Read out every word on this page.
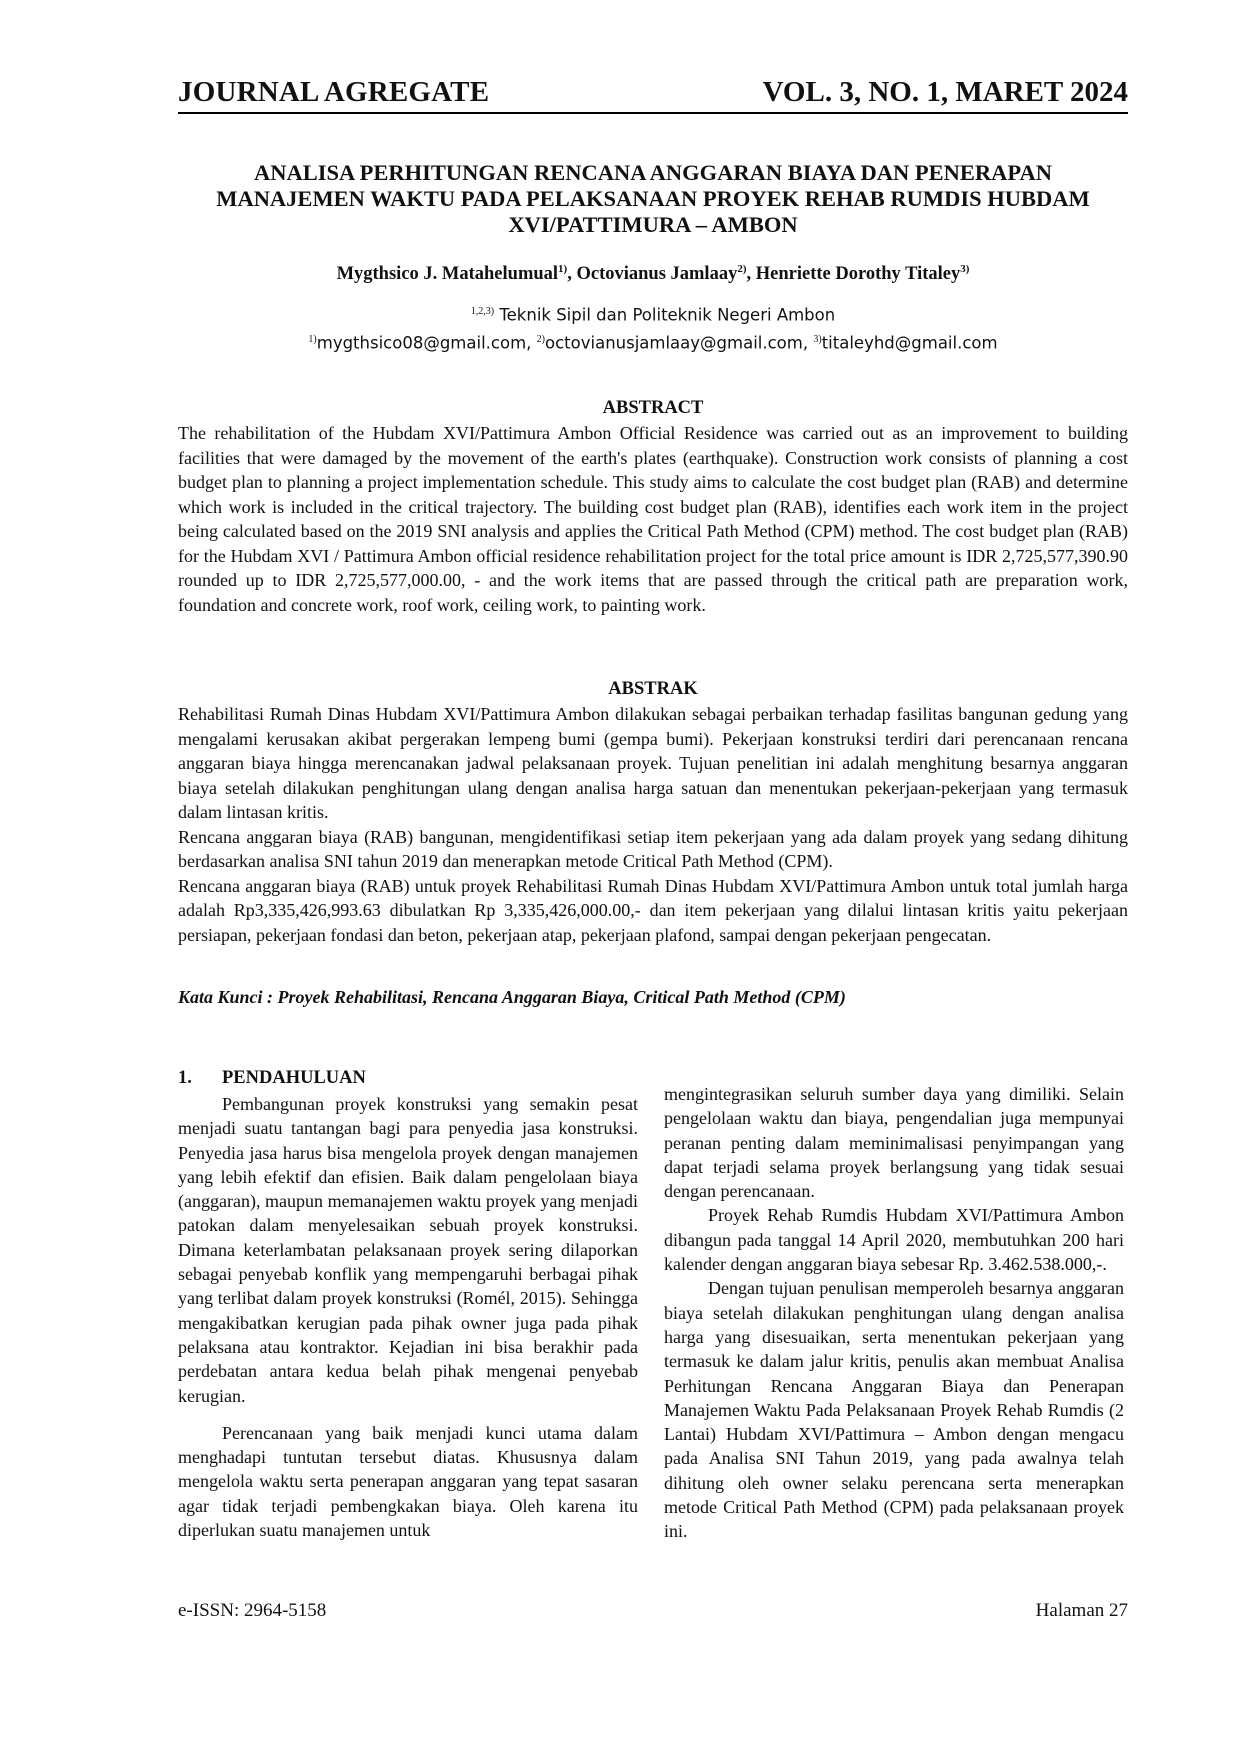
JOURNAL AGREGATE	VOL. 3, NO. 1, MARET 2024
ANALISA PERHITUNGAN RENCANA ANGGARAN BIAYA DAN PENERAPAN MANAJEMEN WAKTU PADA PELAKSANAAN PROYEK REHAB RUMDIS HUBDAM XVI/PATTIMURA – AMBON
Mygthsico J. Matahelumual$^{1)}$, Octovianus Jamlaay$^{2)}$, Henriette Dorothy Titaley$^{3)}$
$^{1,2,3)}$ Teknik Sipil dan Politeknik Negeri Ambon
$^{1)}$mygthsico08@gmail.com, $^{2)}$octovianusjamlaay@gmail.com, $^{3)}$titaleyhd@gmail.com
ABSTRACT

The rehabilitation of the Hubdam XVI/Pattimura Ambon Official Residence was carried out as an improvement to building facilities that were damaged by the movement of the earth's plates (earthquake). Construction work consists of planning a cost budget plan to planning a project implementation schedule. This study aims to calculate the cost budget plan (RAB) and determine which work is included in the critical trajectory. The building cost budget plan (RAB), identifies each work item in the project being calculated based on the 2019 SNI analysis and applies the Critical Path Method (CPM) method. The cost budget plan (RAB) for the Hubdam XVI / Pattimura Ambon official residence rehabilitation project for the total price amount is IDR 2,725,577,390.90 rounded up to IDR 2,725,577,000.00, - and the work items that are passed through the critical path are preparation work, foundation and concrete work, roof work, ceiling work, to painting work.

ABSTRAK

Rehabilitasi Rumah Dinas Hubdam XVI/Pattimura Ambon dilakukan sebagai perbaikan terhadap fasilitas bangunan gedung yang mengalami kerusakan akibat pergerakan lempeng bumi (gempa bumi). Pekerjaan konstruksi terdiri dari perencanaan rencana anggaran biaya hingga merencanakan jadwal pelaksanaan proyek. Tujuan penelitian ini adalah menghitung besarnya anggaran biaya setelah dilakukan penghitungan ulang dengan analisa harga satuan dan menentukan pekerjaan-pekerjaan yang termasuk dalam lintasan kritis.

Rencana anggaran biaya (RAB) bangunan, mengidentifikasi setiap item pekerjaan yang ada dalam proyek yang sedang dihitung berdasarkan analisa SNI tahun 2019 dan menerapkan metode Critical Path Method (CPM).

Rencana anggaran biaya (RAB) untuk proyek Rehabilitasi Rumah Dinas Hubdam XVI/Pattimura Ambon untuk total jumlah harga adalah Rp3,335,426,993.63 dibulatkan Rp 3,335,426,000.00,- dan item pekerjaan yang dilalui lintasan kritis yaitu pekerjaan persiapan, pekerjaan fondasi dan beton, pekerjaan atap, pekerjaan plafond, sampai dengan pekerjaan pengecatan.

Kata Kunci : Proyek Rehabilitasi, Rencana Anggaran Biaya, Critical Path Method (CPM)
1. PENDAHULUAN

Pembangunan proyek konstruksi yang semakin pesat menjadi suatu tantangan bagi para penyedia jasa konstruksi. Penyedia jasa harus bisa mengelola proyek dengan manajemen yang lebih efektif dan efisien. Baik dalam pengelolaan biaya (anggaran), maupun memanajemen waktu proyek yang menjadi patokan dalam menyelesaikan sebuah proyek konstruksi. Dimana keterlambatan pelaksanaan proyek sering dilaporkan sebagai penyebab konflik yang mempengaruhi berbagai pihak yang terlibat dalam proyek konstruksi (Romél, 2015). Sehingga mengakibatkan kerugian pada pihak owner juga pada pihak pelaksana atau kontraktor. Kejadian ini bisa berakhir pada perdebatan antara kedua belah pihak mengenai penyebab kerugian.

Perencanaan yang baik menjadi kunci utama dalam menghadapi tuntutan tersebut diatas. Khususnya dalam mengelola waktu serta penerapan anggaran yang tepat sasaran agar tidak terjadi pembengkakan biaya. Oleh karena itu diperlukan suatu manajemen untuk

mengintegrasikan seluruh sumber daya yang dimiliki. Selain pengelolaan waktu dan biaya, pengendalian juga mempunyai peranan penting dalam meminimalisasi penyimpangan yang dapat terjadi selama proyek berlangsung yang tidak sesuai dengan perencanaan.

Proyek Rehab Rumdis Hubdam XVI/Pattimura Ambon dibangun pada tanggal 14 April 2020, membutuhkan 200 hari kalender dengan anggaran biaya sebesar Rp. 3.462.538.000,-.

Dengan tujuan penulisan memperoleh besarnya anggaran biaya setelah dilakukan penghitungan ulang dengan analisa harga yang disesuaikan, serta menentukan pekerjaan yang termasuk ke dalam jalur kritis, penulis akan membuat Analisa Perhitungan Rencana Anggaran Biaya dan Penerapan Manajemen Waktu Pada Pelaksanaan Proyek Rehab Rumdis (2 Lantai) Hubdam XVI/Pattimura – Ambon dengan mengacu pada Analisa SNI Tahun 2019, yang pada awalnya telah dihitung oleh owner selaku perencana serta menerapkan metode Critical Path Method (CPM) pada pelaksanaan proyek ini.

e-ISSN: 2964-5158	Halaman 27
